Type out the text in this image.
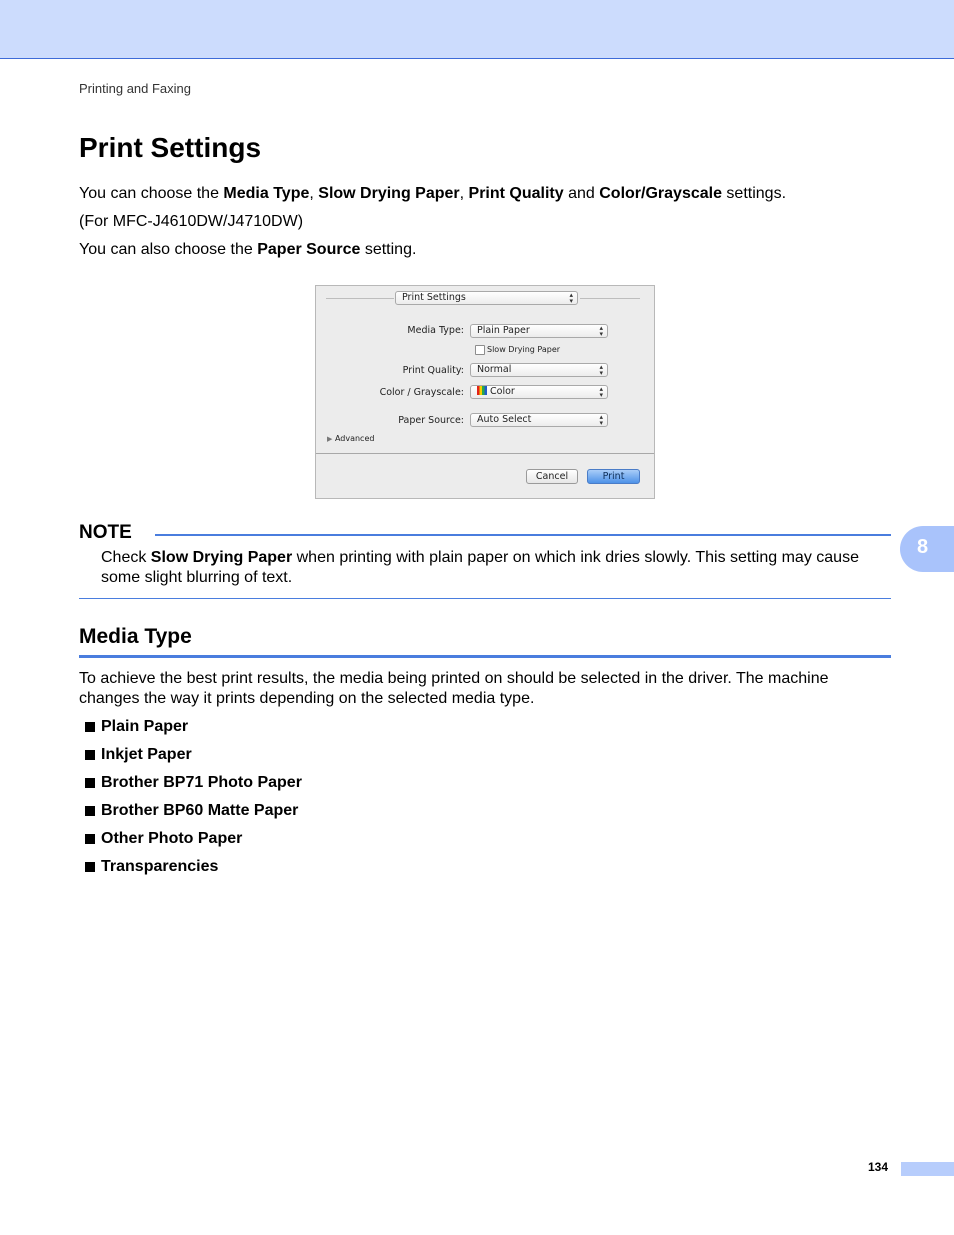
Printing and Faxing
Print Settings

You can choose the Media Type, Slow Drying Paper, Print Quality and Color/Grayscale settings.

(For MFC-J4610DW/J4710DW)

You can also choose the Paper Source setting.

Print Settings	▴
▾
Media Type:	Plain Paper	▴
▾
Slow Drying Paper
Print Quality:	Normal	▴
▾
Color / Grayscale:	Color	▴
▾
Paper Source:	Auto Select	▴
▾
▶ Advanced
Cancel	Print
NOTE

Check Slow Drying Paper when printing with plain paper on which ink dries slowly. This setting may cause some slight blurring of text.

8
Media Type

To achieve the best print results, the media being printed on should be selected in the driver. The machine changes the way it prints depending on the selected media type.

Plain Paper
Inkjet Paper
Brother BP71 Photo Paper
Brother BP60 Matte Paper
Other Photo Paper
Transparencies
134
